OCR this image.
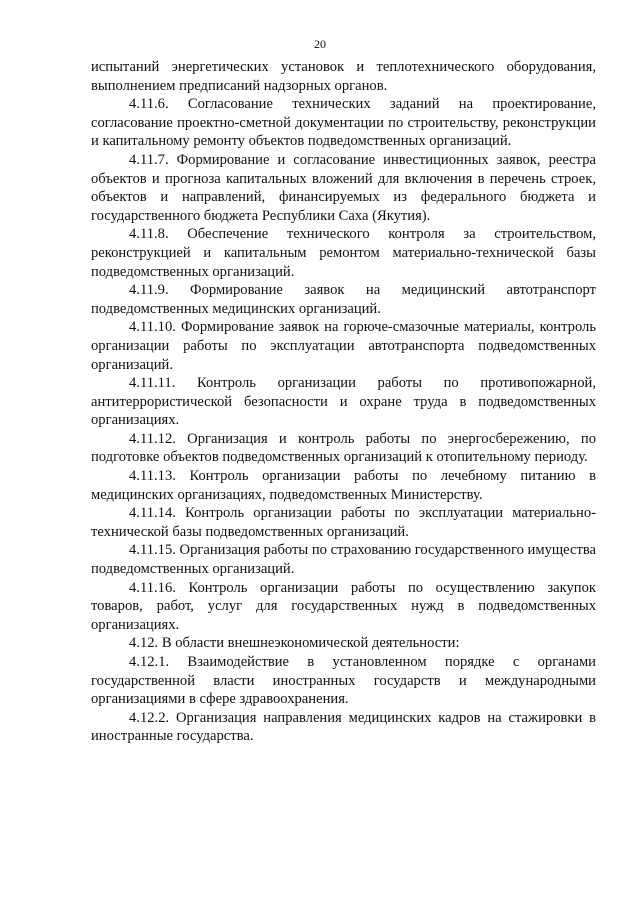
20

испытаний энергетических установок и теплотехнического оборудования, выполнением предписаний надзорных органов.

4.11.6. Согласование технических заданий на проектирование, согласование проектно-сметной документации по строительству, реконструкции и капитальному ремонту объектов подведомственных организаций.

4.11.7. Формирование и согласование инвестиционных заявок, реестра объектов и прогноза капитальных вложений для включения в перечень строек, объектов и направлений, финансируемых из федерального бюджета и государственного бюджета Республики Саха (Якутия).

4.11.8. Обеспечение технического контроля за строительством, реконструкцией и капитальным ремонтом материально-технической базы подведомственных организаций.

4.11.9. Формирование заявок на медицинский автотранспорт подведомственных медицинских организаций.

4.11.10. Формирование заявок на горюче-смазочные материалы, контроль организации работы по эксплуатации автотранспорта подведомственных организаций.

4.11.11. Контроль организации работы по противопожарной, антитеррористической безопасности и охране труда в подведомственных организациях.

4.11.12. Организация и контроль работы по энергосбережению, по подготовке объектов подведомственных организаций к отопительному периоду.

4.11.13. Контроль организации работы по лечебному питанию в медицинских организациях, подведомственных Министерству.

4.11.14. Контроль организации работы по эксплуатации материально-технической базы подведомственных организаций.

4.11.15. Организация работы по страхованию государственного имущества подведомственных организаций.

4.11.16. Контроль организации работы по осуществлению закупок товаров, работ, услуг для государственных нужд в подведомственных организациях.

4.12. В области внешнеэкономической деятельности:

4.12.1. Взаимодействие в установленном порядке с органами государственной власти иностранных государств и международными организациями в сфере здравоохранения.

4.12.2. Организация направления медицинских кадров на стажировки в иностранные государства.
